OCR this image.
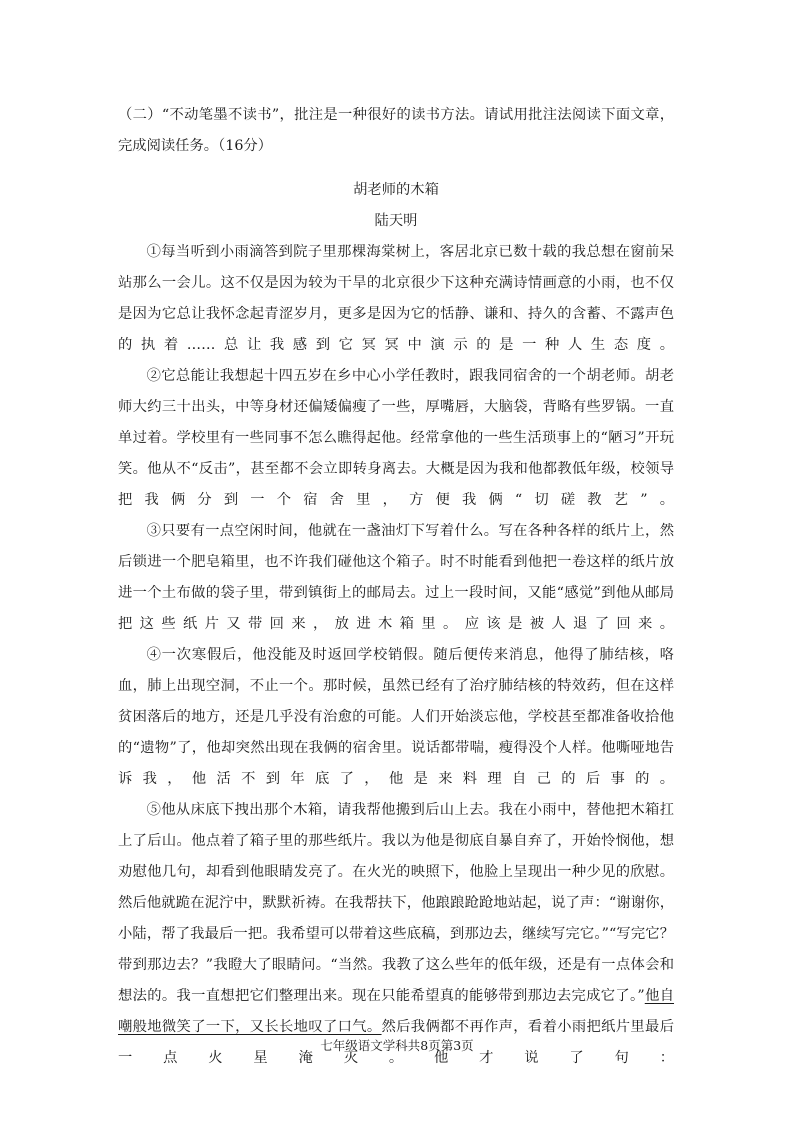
（二）“不动笔墨不读书”，批注是一种很好的读书方法。请试用批注法阅读下面文章，完成阅读任务。（16分）

胡老师的木箱

陆天明

①每当听到小雨滴答到院子里那棵海棠树上，客居北京已数十载的我总想在窗前呆站那么一会儿。这不仅是因为较为干旱的北京很少下这种充满诗情画意的小雨，也不仅是因为它总让我怀念起青涩岁月，更多是因为它的恬静、谦和、持久的含蓄、不露声色的执着……总让我感到它冥冥中演示的是一种人生态度。

②它总能让我想起十四五岁在乡中心小学任教时，跟我同宿舍的一个胡老师。胡老师大约三十出头，中等身材还偏矮偏瘦了一些，厚嘴唇，大脑袋，背略有些罗锅。一直单过着。学校里有一些同事不怎么瞧得起他。经常拿他的一些生活琐事上的“陋习”开玩笑。他从不“反击”，甚至都不会立即转身离去。大概是因为我和他都教低年级，校领导把我俩分到一个宿舍里，方便我俩“切磋教艺”。

③只要有一点空闲时间，他就在一盏油灯下写着什么。写在各种各样的纸片上，然后锁进一个肥皂箱里，也不许我们碰他这个箱子。时不时能看到他把一卷这样的纸片放进一个土布做的袋子里，带到镇街上的邮局去。过上一段时间，又能“感觉”到他从邮局把这些纸片又带回来，放进木箱里。应该是被人退了回来。

④一次寒假后，他没能及时返回学校销假。随后便传来消息，他得了肺结核，咯血，肺上出现空洞，不止一个。那时候，虽然已经有了治疗肺结核的特效药，但在这样贫困落后的地方，还是几乎没有治愈的可能。人们开始淡忘他，学校甚至都准备收拾他的“遗物”了，他却突然出现在我俩的宿舍里。说话都带喘，瘦得没个人样。他嘶哑地告诉我，他活不到年底了，他是来料理自己的后事的。

⑤他从床底下拽出那个木箱，请我帮他搬到后山上去。我在小雨中，替他把木箱扛上了后山。他点着了箱子里的那些纸片。我以为他是彻底自暴自弃了，开始怜悯他，想劝慰他几句，却看到他眼睛发亮了。在火光的映照下，他脸上呈现出一种少见的欣慰。然后他就跪在泥泞中，默默祈祷。在我帮扶下，他踉踉跄跄地站起，说了声：“谢谢你，小陆，帮了我最后一把。我希望可以带着这些底稿，到那边去，继续写完它。”“写完它？带到那边去？”我瞪大了眼睛问。“当然。我教了这么些年的低年级，还是有一点体会和想法的。我一直想把它们整理出来。现在只能希望真的能够带到那边去完成它了。”他自嘲般地微笑了一下，又长长地叹了口气。然后我俩都不再作声，看着小雨把纸片里最后一点火星淹灭。他才说了句：

七年级语文学科共8页第3页
